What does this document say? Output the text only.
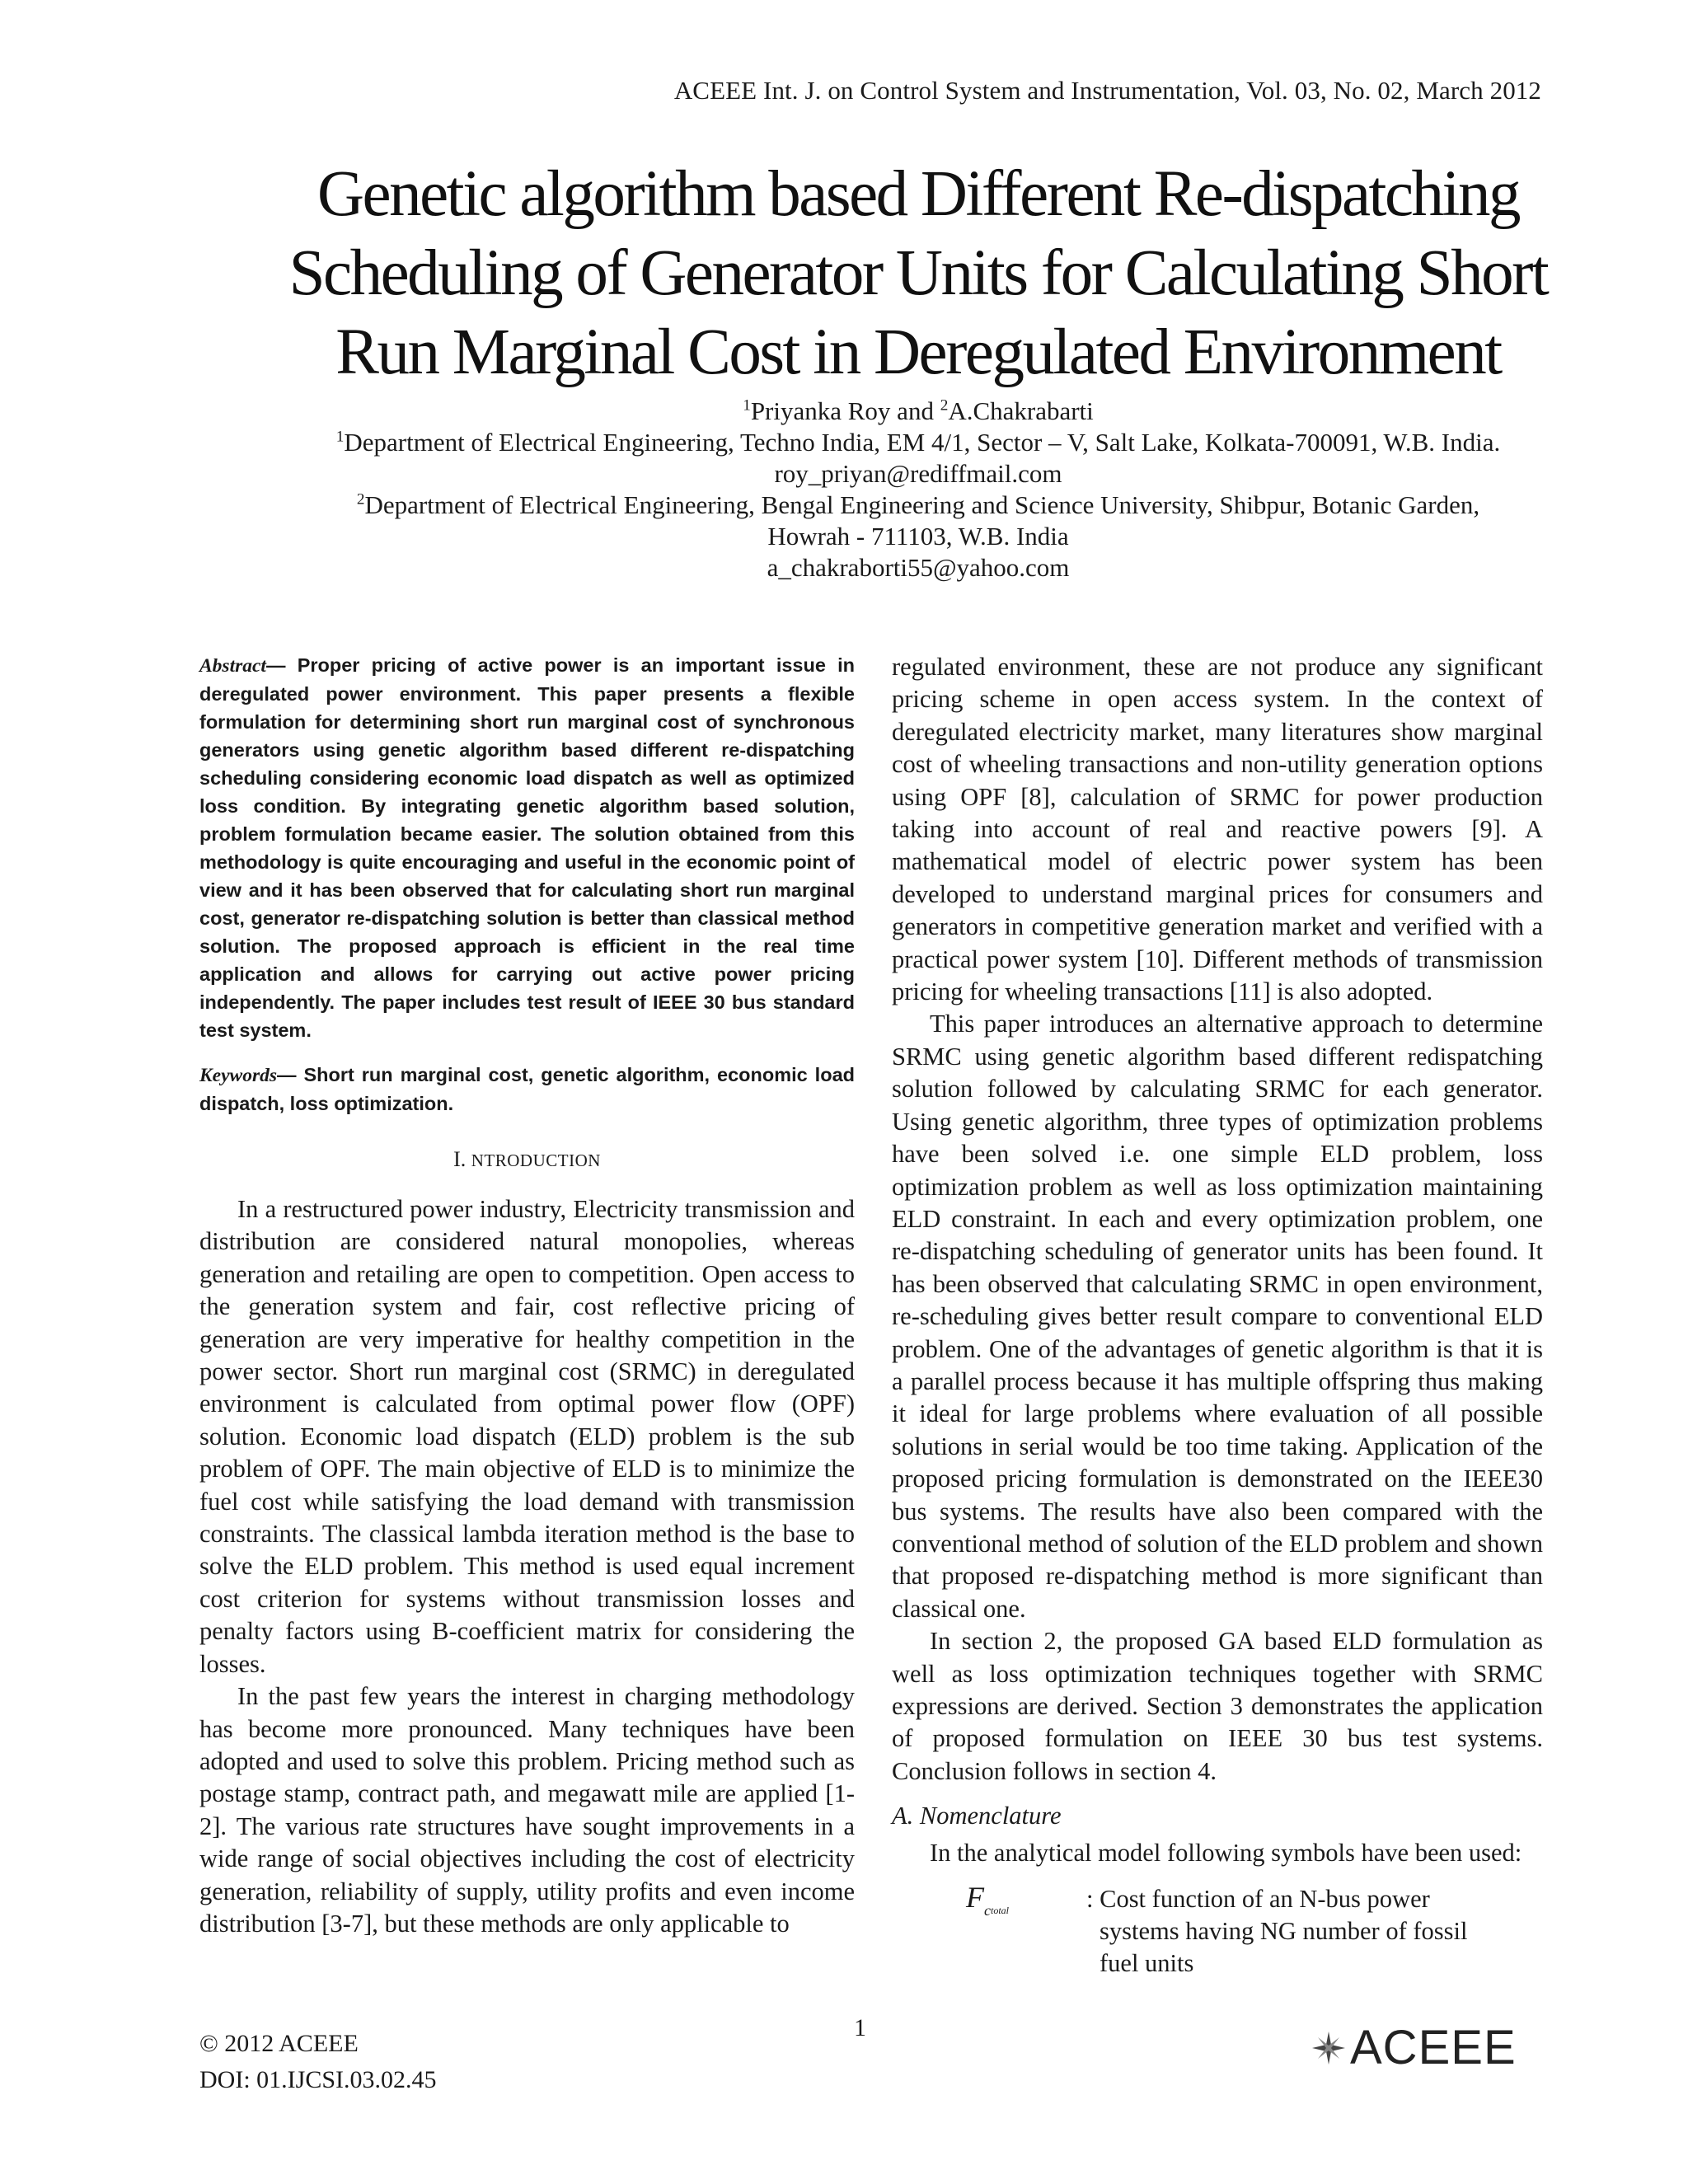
ACEEE Int. J. on Control System and Instrumentation, Vol. 03, No. 02, March 2012
Genetic algorithm based Different Re-dispatching
Scheduling of Generator Units for Calculating Short
Run Marginal Cost in Deregulated Environment
$^1$Priyanka Roy and $^2$A.Chakrabarti
$^1$Department of Electrical Engineering, Techno India, EM 4/1, Sector – V, Salt Lake, Kolkata-700091, W.B. India.
roy_priyan@rediffmail.com
$^2$Department of Electrical Engineering, Bengal Engineering and Science University, Shibpur, Botanic Garden,
Howrah - 711103, W.B. India
a_chakraborti55@yahoo.com

Abstract— Proper pricing of active power is an important issue in deregulated power environment. This paper presents a flexible formulation for determining short run marginal cost of synchronous generators using genetic algorithm based different re-dispatching scheduling considering economic load dispatch as well as optimized loss condition. By integrating genetic algorithm based solution, problem formulation became easier. The solution obtained from this methodology is quite encouraging and useful in the economic point of view and it has been observed that for calculating short run marginal cost, generator re-dispatching solution is better than classical method solution. The proposed approach is efficient in the real time application and allows for carrying out active power pricing independently. The paper includes test result of IEEE 30 bus standard test system.

Keywords— Short run marginal cost, genetic algorithm, economic load dispatch, loss optimization.

I. NTRODUCTION

In a restructured power industry, Electricity transmission and distribution are considered natural monopolies, whereas generation and retailing are open to competition. Open access to the generation system and fair, cost reflective pricing of generation are very imperative for healthy competition in the power sector. Short run marginal cost (SRMC) in deregulated environment is calculated from optimal power flow (OPF) solution. Economic load dispatch (ELD) problem is the sub problem of OPF. The main objective of ELD is to minimize the fuel cost while satisfying the load demand with transmission constraints. The classical lambda iteration method is the base to solve the ELD problem. This method is used equal increment cost criterion for systems without transmission losses and penalty factors using B-coefficient matrix for considering the losses.

In the past few years the interest in charging methodology has become more pronounced. Many techniques have been adopted and used to solve this problem. Pricing method such as postage stamp, contract path, and megawatt mile are applied [1-2]. The various rate structures have sought improvements in a wide range of social objectives including the cost of electricity generation, reliability of supply, utility profits and even income distribution [3-7], but these methods are only applicable to

regulated environment, these are not produce any significant pricing scheme in open access system. In the context of deregulated electricity market, many literatures show marginal cost of wheeling transactions and non-utility generation options using OPF [8], calculation of SRMC for power production taking into account of real and reactive powers [9]. A mathematical model of electric power system has been developed to understand marginal prices for consumers and generators in competitive generation market and verified with a practical power system [10]. Different methods of transmission pricing for wheeling transactions [11] is also adopted.

This paper introduces an alternative approach to determine SRMC using genetic algorithm based different redispatching solution followed by calculating SRMC for each generator. Using genetic algorithm, three types of optimization problems have been solved i.e. one simple ELD problem, loss optimization problem as well as loss optimization maintaining ELD constraint. In each and every optimization problem, one re-dispatching scheduling of generator units has been found. It has been observed that calculating SRMC in open environment, re-scheduling gives better result compare to conventional ELD problem. One of the advantages of genetic algorithm is that it is a parallel process because it has multiple offspring thus making it ideal for large problems where evaluation of all possible solutions in serial would be too time taking. Application of the proposed pricing formulation is demonstrated on the IEEE30 bus systems. The results have also been compared with the conventional method of solution of the ELD problem and shown that proposed re-dispatching method is more significant than classical one.

In section 2, the proposed GA based ELD formulation as well as loss optimization techniques together with SRMC expressions are derived. Section 3 demonstrates the application of proposed formulation on IEEE 30 bus test systems. Conclusion follows in section 4.

A. Nomenclature

In the analytical model following symbols have been used:

$F_{ctotal}$	: Cost function of an N-bus power
systems having NG number of fossil
fuel units
© 2012 ACEEE
DOI: 01.IJCSI.03.02.45
1	ACEEE
